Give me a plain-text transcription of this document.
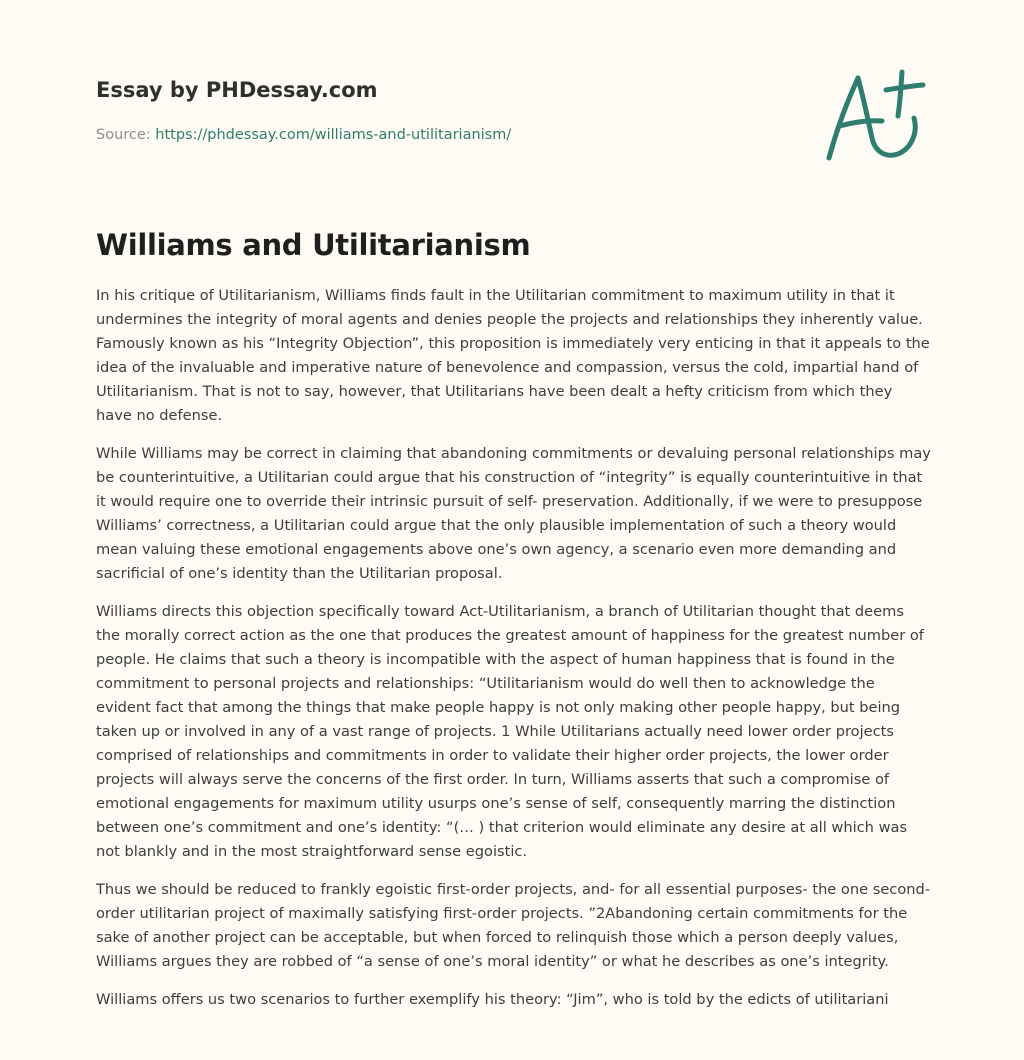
Essay by PHDessay.com
Source: https://phdessay.com/williams-and-utilitarianism/
Williams and Utilitarianism

In his critique of Utilitarianism, Williams finds fault in the Utilitarian commitment to maximum utility in that it undermines the integrity of moral agents and denies people the projects and relationships they inherently value. Famously known as his “Integrity Objection”, this proposition is immediately very enticing in that it appeals to the idea of the invaluable and imperative nature of benevolence and compassion, versus the cold, impartial hand of Utilitarianism. That is not to say, however, that Utilitarians have been dealt a hefty criticism from which they have no defense.

While Williams may be correct in claiming that abandoning commitments or devaluing personal relationships may be counterintuitive, a Utilitarian could argue that his construction of “integrity” is equally counterintuitive in that it would require one to override their intrinsic pursuit of self- preservation. Additionally, if we were to presuppose Williams’ correctness, a Utilitarian could argue that the only plausible implementation of such a theory would mean valuing these emotional engagements above one’s own agency, a scenario even more demanding and sacrificial of one’s identity than the Utilitarian proposal.

Williams directs this objection specifically toward Act-Utilitarianism, a branch of Utilitarian thought that deems the morally correct action as the one that produces the greatest amount of happiness for the greatest number of people. He claims that such a theory is incompatible with the aspect of human happiness that is found in the commitment to personal projects and relationships: “Utilitarianism would do well then to acknowledge the evident fact that among the things that make people happy is not only making other people happy, but being taken up or involved in any of a vast range of projects. 1 While Utilitarians actually need lower order projects comprised of relationships and commitments in order to validate their higher order projects, the lower order projects will always serve the concerns of the first order. In turn, Williams asserts that such a compromise of emotional engagements for maximum utility usurps one’s sense of self, consequently marring the distinction between one’s commitment and one’s identity: “(… ) that criterion would eliminate any desire at all which was not blankly and in the most straightforward sense egoistic.

Thus we should be reduced to frankly egoistic first-order projects, and- for all essential purposes- the one second-order utilitarian project of maximally satisfying first-order projects. ”2Abandoning certain commitments for the sake of another project can be acceptable, but when forced to relinquish those which a person deeply values, Williams argues they are robbed of “a sense of one’s moral identity” or what he describes as one’s integrity.

Williams offers us two scenarios to further exemplify his theory: “Jim”, who is told by the edicts of utilitariani
